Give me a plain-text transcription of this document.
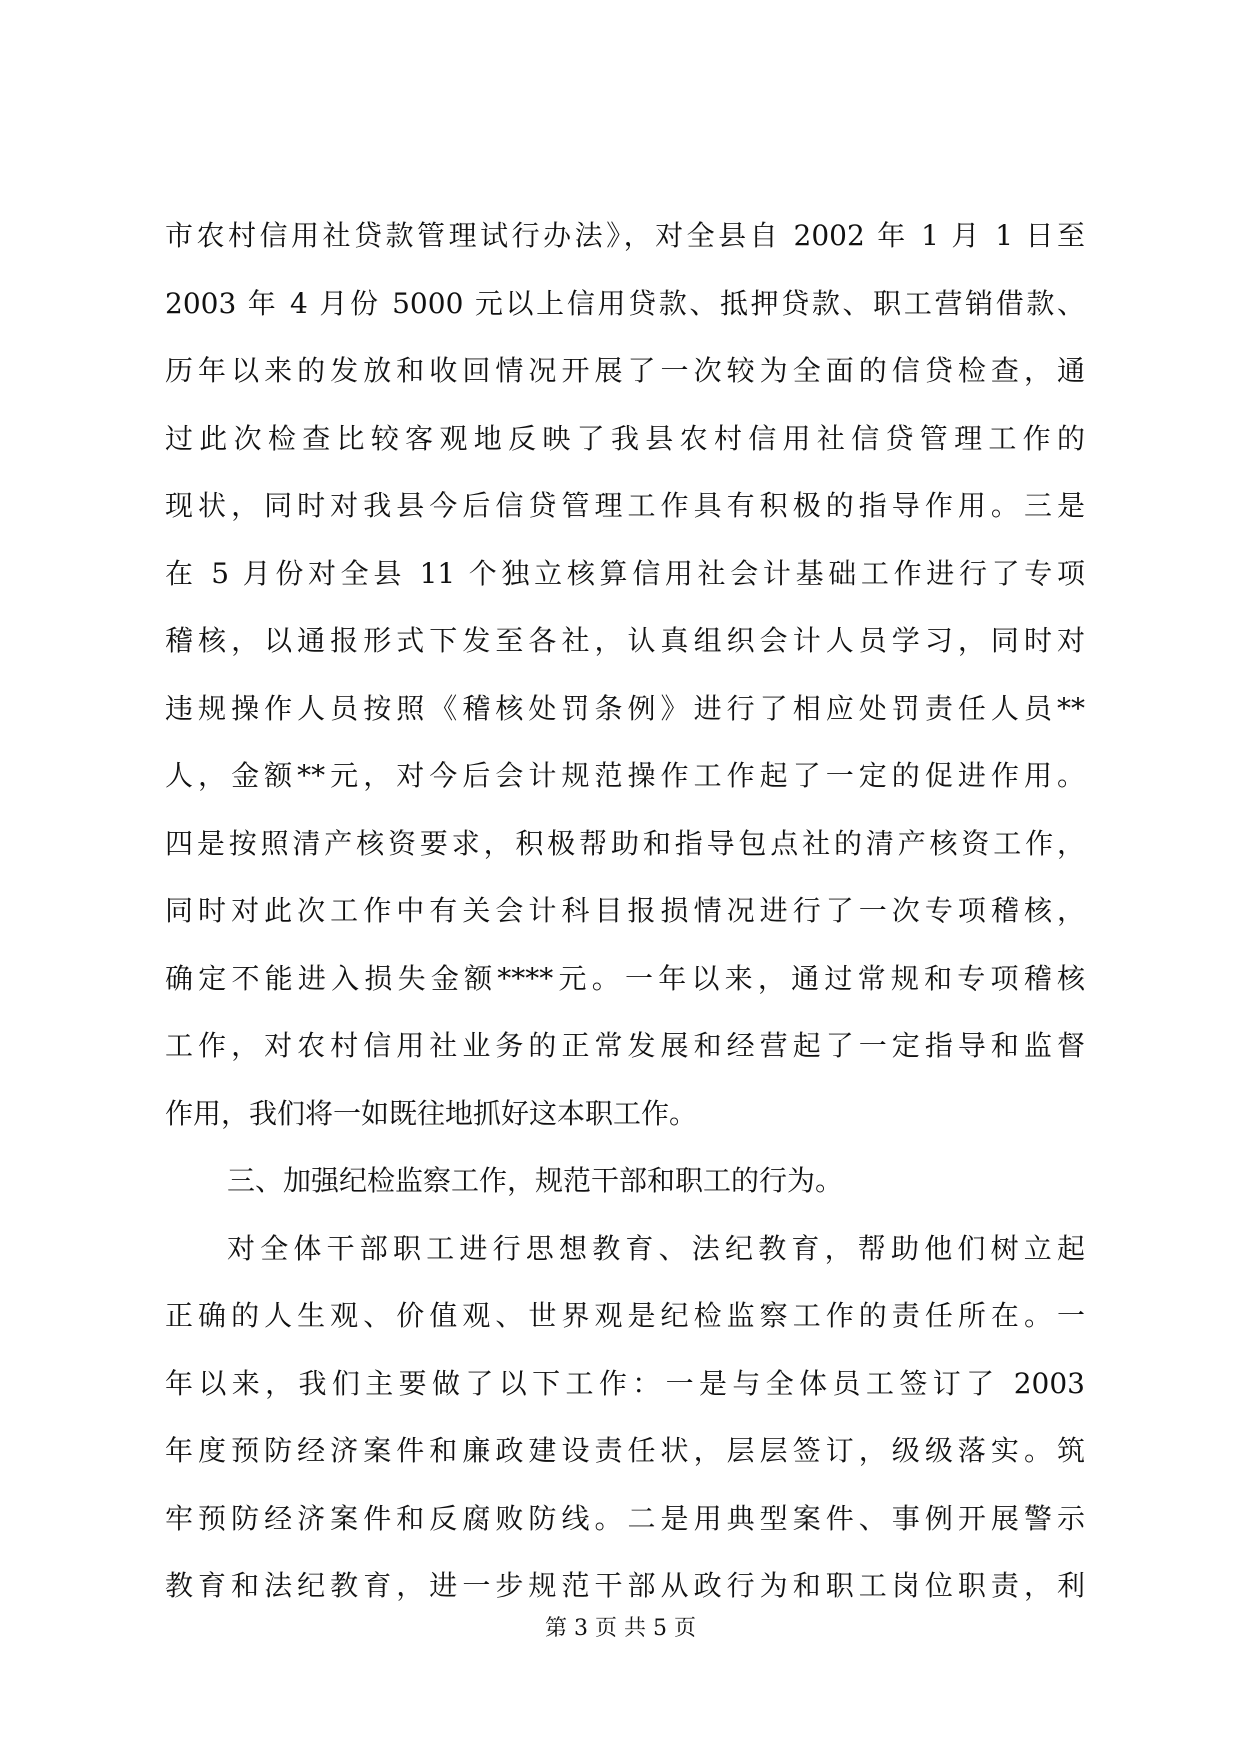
市农村信用社贷款管理试行办法》，对全县自 2002 年 1 月 1 日至
2003 年 4 月份 5000 元以上信用贷款、抵押贷款、职工营销借款、
历年以来的发放和收回情况开展了一次较为全面的信贷检查，通
过此次检查比较客观地反映了我县农村信用社信贷管理工作的
现状，同时对我县今后信贷管理工作具有积极的指导作用。三是
在 5 月份对全县 11 个独立核算信用社会计基础工作进行了专项
稽核，以通报形式下发至各社，认真组织会计人员学习，同时对
违规操作人员按照《稽核处罚条例》进行了相应处罚责任人员**
人，金额**元，对今后会计规范操作工作起了一定的促进作用。
四是按照清产核资要求，积极帮助和指导包点社的清产核资工作，
同时对此次工作中有关会计科目报损情况进行了一次专项稽核，
确定不能进入损失金额****元。一年以来，通过常规和专项稽核
工作，对农村信用社业务的正常发展和经营起了一定指导和监督
作用，我们将一如既往地抓好这本职工作。
三、加强纪检监察工作，规范干部和职工的行为。
对全体干部职工进行思想教育、法纪教育，帮助他们树立起
正确的人生观、价值观、世界观是纪检监察工作的责任所在。一
年以来，我们主要做了以下工作：一是与全体员工签订了 2003
年度预防经济案件和廉政建设责任状，层层签订，级级落实。筑
牢预防经济案件和反腐败防线。二是用典型案件、事例开展警示
教育和法纪教育，进一步规范干部从政行为和职工岗位职责，利
第 3 页 共 5 页
